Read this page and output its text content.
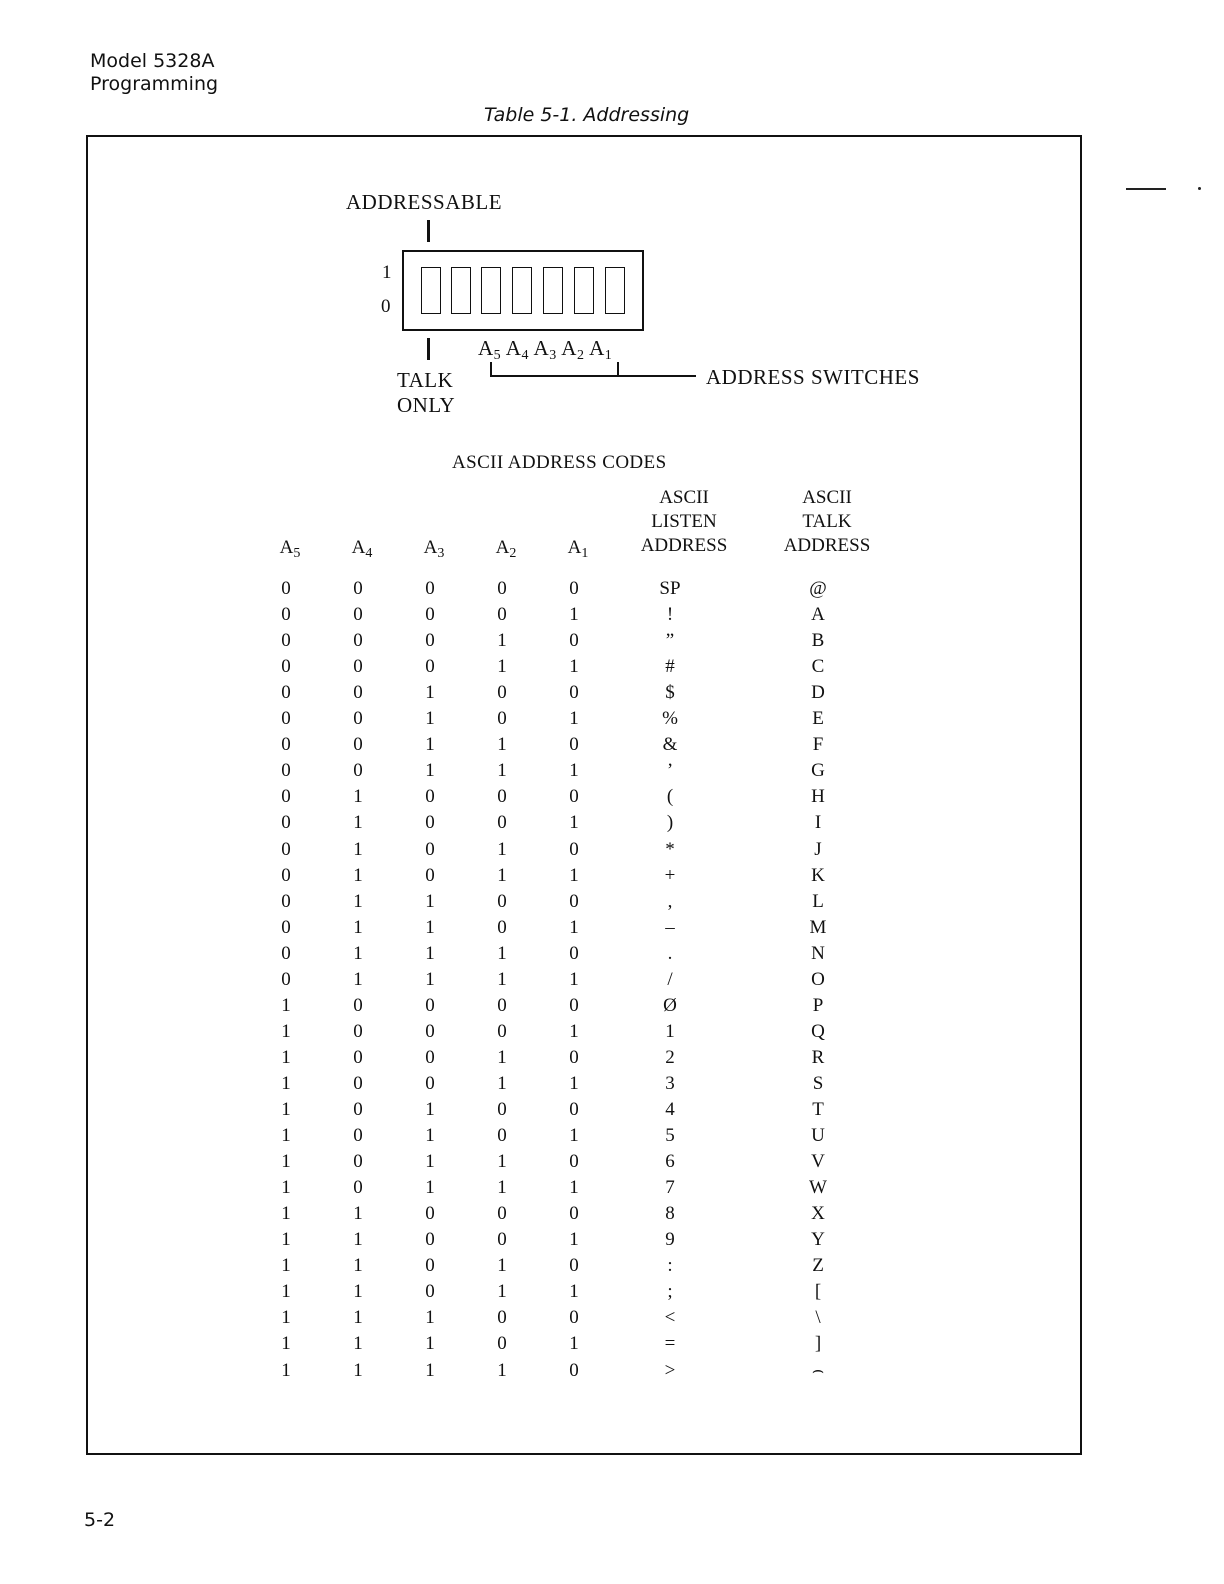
Model 5328A
Programming
Table 5-1. Addressing
ADDRESSABLE
1
0
$A_5$ $A_4$ $A_3$ $A_2$ $A_1$
TALK
ONLY
ADDRESS SWITCHES
ASCII ADDRESS CODES
$A_5$	$A_4$	$A_3$	$A_2$	$A_1$
ASCII
LISTEN
ADDRESS
ASCII
TALK
ADDRESS
0	0	0	0	0	SP	@
0	0	0	0	1	!	A
0	0	0	1	0	”	B
0	0	0	1	1	#	C
0	0	1	0	0	$	D
0	0	1	0	1	%	E
0	0	1	1	0	&	F
0	0	1	1	1	’	G
0	1	0	0	0	(	H
0	1	0	0	1	)	I
0	1	0	1	0	*	J
0	1	0	1	1	+	K
0	1	1	0	0	,	L
0	1	1	0	1	–	M
0	1	1	1	0	.	N
0	1	1	1	1	/	O
1	0	0	0	0	Ø	P
1	0	0	0	1	1	Q
1	0	0	1	0	2	R
1	0	0	1	1	3	S
1	0	1	0	0	4	T
1	0	1	0	1	5	U
1	0	1	1	0	6	V
1	0	1	1	1	7	W
1	1	0	0	0	8	X
1	1	0	0	1	9	Y
1	1	0	1	0	:	Z
1	1	0	1	1	;	[
1	1	1	0	0	<	\
1	1	1	0	1	=	]
1	1	1	1	0	>	⌢
5-2
